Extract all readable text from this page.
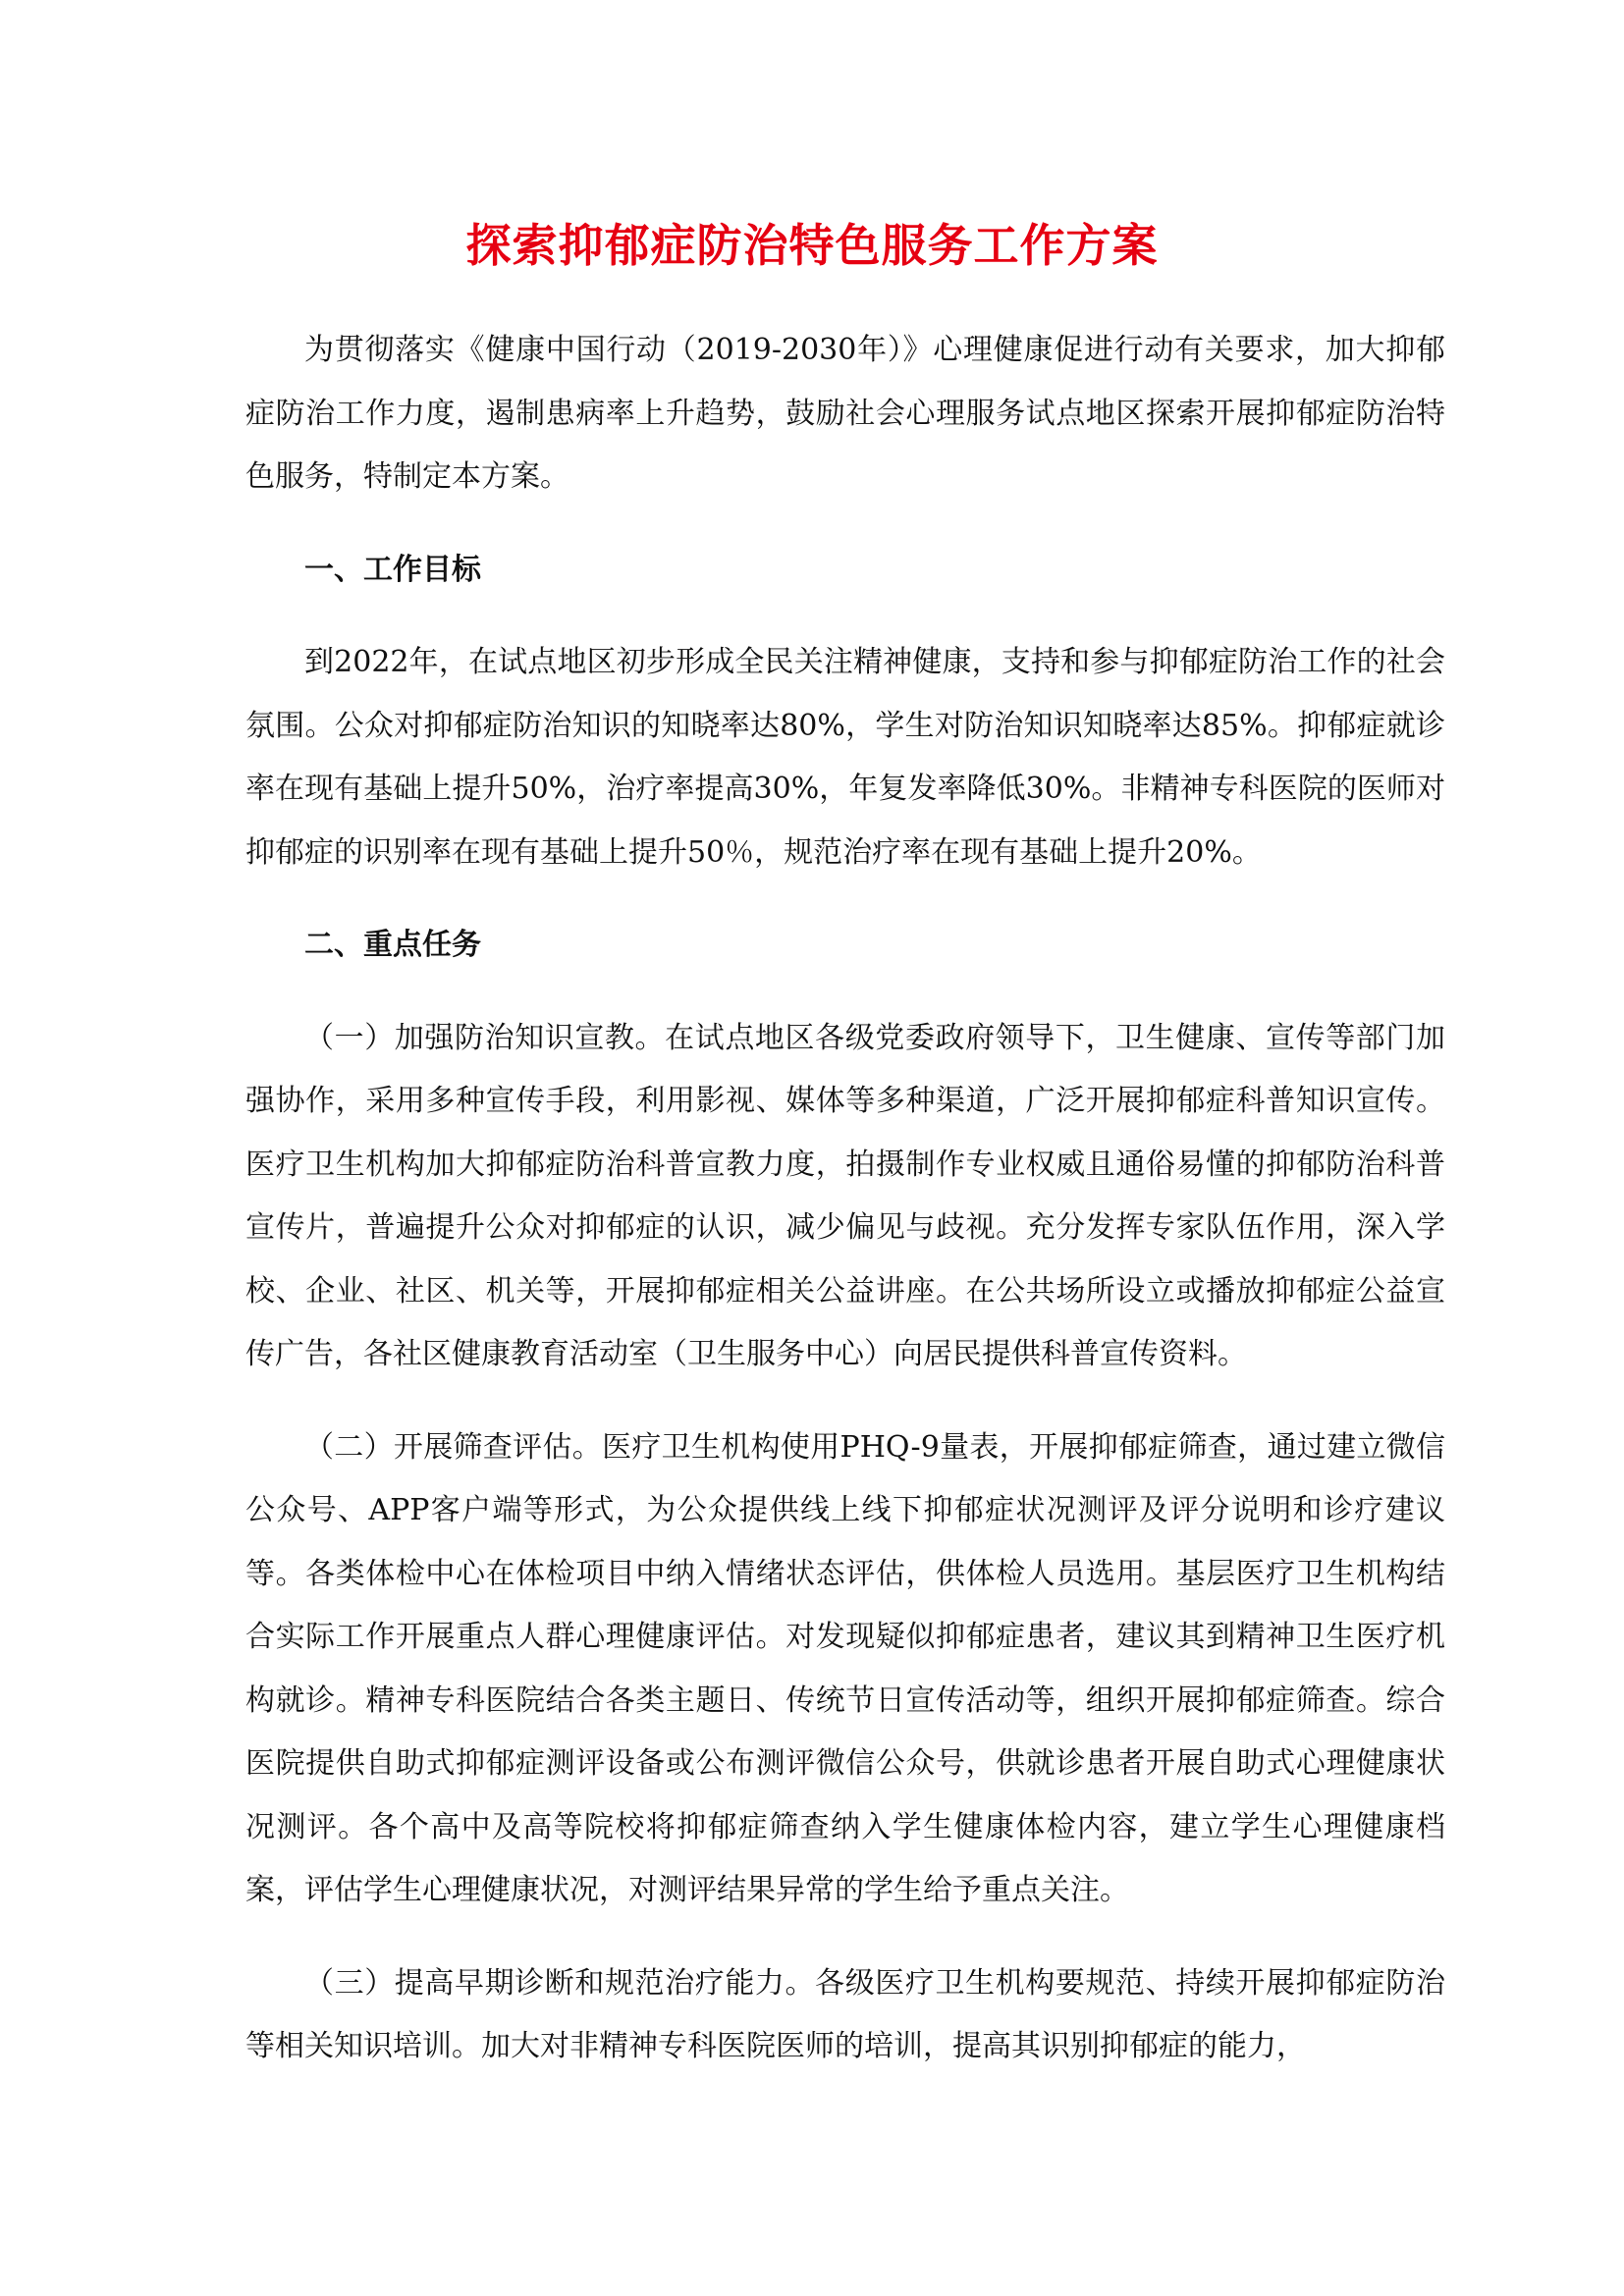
探索抑郁症防治特色服务工作方案

为贯彻落实《健康中国行动（2019-2030年）》心理健康促进行动有关要求，加大抑郁症防治工作力度，遏制患病率上升趋势，鼓励社会心理服务试点地区探索开展抑郁症防治特色服务，特制定本方案。

一、工作目标

到2022年，在试点地区初步形成全民关注精神健康，支持和参与抑郁症防治工作的社会氛围。公众对抑郁症防治知识的知晓率达80%，学生对防治知识知晓率达85%。抑郁症就诊率在现有基础上提升50%，治疗率提高30%，年复发率降低30%。非精神专科医院的医师对抑郁症的识别率在现有基础上提升50％，规范治疗率在现有基础上提升20%。

二、重点任务

（一）加强防治知识宣教。在试点地区各级党委政府领导下，卫生健康、宣传等部门加强协作，采用多种宣传手段，利用影视、媒体等多种渠道，广泛开展抑郁症科普知识宣传。医疗卫生机构加大抑郁症防治科普宣教力度，拍摄制作专业权威且通俗易懂的抑郁防治科普宣传片，普遍提升公众对抑郁症的认识，减少偏见与歧视。充分发挥专家队伍作用，深入学校、企业、社区、机关等，开展抑郁症相关公益讲座。在公共场所设立或播放抑郁症公益宣传广告，各社区健康教育活动室（卫生服务中心）向居民提供科普宣传资料。

（二）开展筛查评估。医疗卫生机构使用PHQ-9量表，开展抑郁症筛查，通过建立微信公众号、APP客户端等形式，为公众提供线上线下抑郁症状况测评及评分说明和诊疗建议等。各类体检中心在体检项目中纳入情绪状态评估，供体检人员选用。基层医疗卫生机构结合实际工作开展重点人群心理健康评估。对发现疑似抑郁症患者，建议其到精神卫生医疗机构就诊。精神专科医院结合各类主题日、传统节日宣传活动等，组织开展抑郁症筛查。综合医院提供自助式抑郁症测评设备或公布测评微信公众号，供就诊患者开展自助式心理健康状况测评。各个高中及高等院校将抑郁症筛查纳入学生健康体检内容，建立学生心理健康档案，评估学生心理健康状况，对测评结果异常的学生给予重点关注。

（三）提高早期诊断和规范治疗能力。各级医疗卫生机构要规范、持续开展抑郁症防治等相关知识培训。加大对非精神专科医院医师的培训，提高其识别抑郁症的能力，
